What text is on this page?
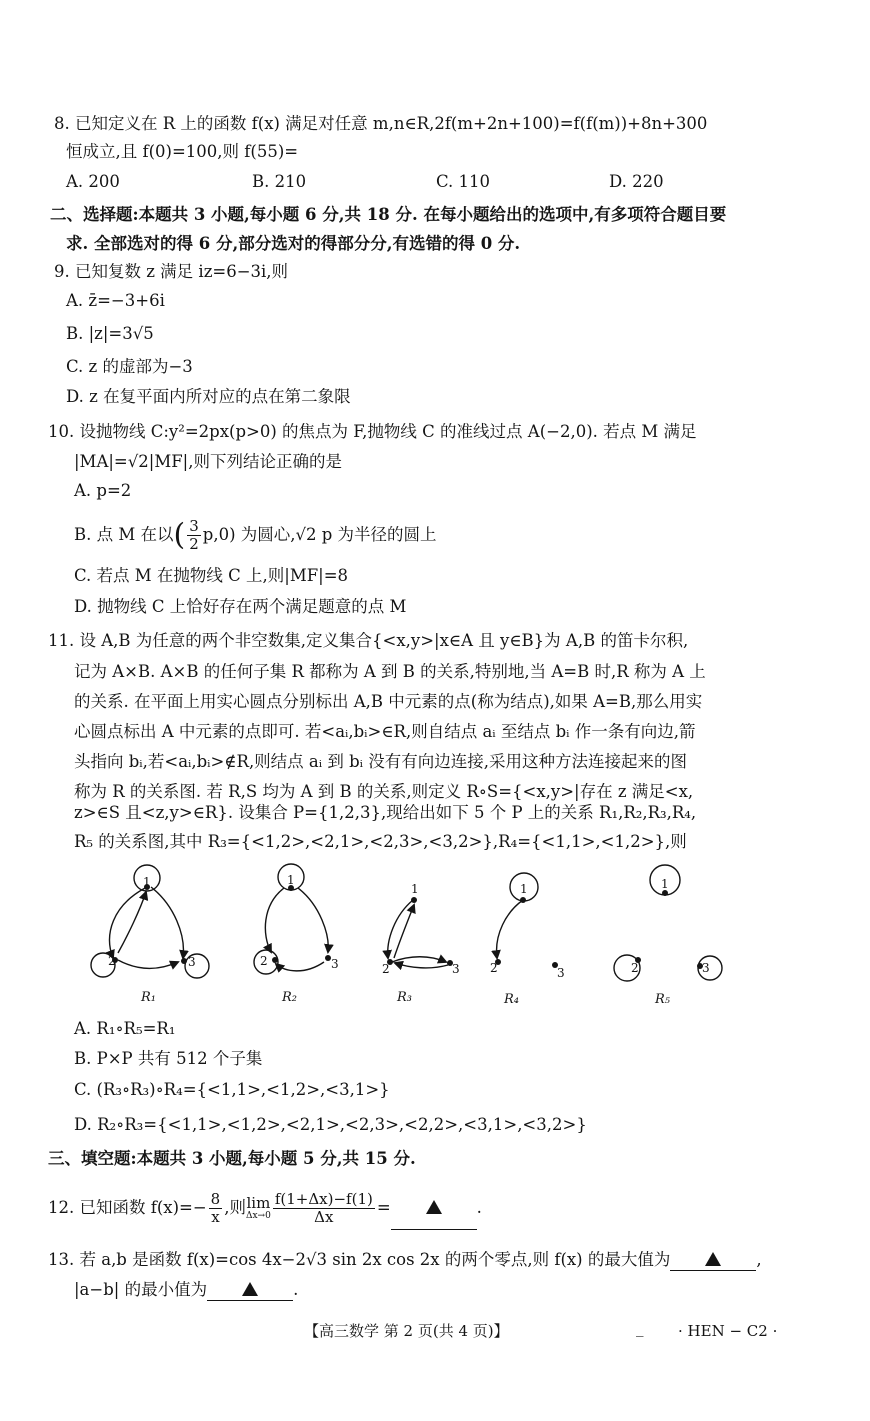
8. 已知定义在 R 上的函数 f(x) 满足对任意 m,n∈R,2f(m+2n+100)=f(f(m))+8n+300
恒成立,且 f(0)=100,则 f(55)=
A. 200	B. 210	C. 110	D. 220
二、选择题:本题共 3 小题,每小题 6 分,共 18 分. 在每小题给出的选项中,有多项符合题目要
求. 全部选对的得 6 分,部分选对的得部分分,有选错的得 0 分.
9. 已知复数 z 满足 iz=6−3i,则
A. z̄=−3+6i
B. |z|=3√5
C. z 的虚部为−3
D. z 在复平面内所对应的点在第二象限
10. 设抛物线 C:y²=2px(p>0) 的焦点为 F,抛物线 C 的准线过点 A(−2,0). 若点 M 满足
|MA|=√2|MF|,则下列结论正确的是
A. p=2
B. 点 M 在以( $\frac{3}{2} p,0$) 为圆心,√2 p 为半径的圆上
C. 若点 M 在抛物线 C 上,则|MF|=8
D. 抛物线 C 上恰好存在两个满足题意的点 M
11. 设 A,B 为任意的两个非空数集,定义集合{<x,y>|x∈A 且 y∈B}为 A,B 的笛卡尔积,
记为 A×B. A×B 的任何子集 R 都称为 A 到 B 的关系,特别地,当 A=B 时,R 称为 A 上
的关系. 在平面上用实心圆点分别标出 A,B 中元素的点(称为结点),如果 A=B,那么用实
心圆点标出 A 中元素的点即可. 若<aᵢ,bᵢ>∈R,则自结点 aᵢ 至结点 bᵢ 作一条有向边,箭
头指向 bᵢ,若<aᵢ,bᵢ>∉R,则结点 aᵢ 到 bᵢ 没有有向边连接,采用这种方法连接起来的图
称为 R 的关系图. 若 R,S 均为 A 到 B 的关系,则定义 R∘S={<x,y>|存在 z 满足<x,
z>∈S 且<z,y>∈R}. 设集合 P={1,2,3},现给出如下 5 个 P 上的关系 R₁,R₂,R₃,R₄,
R₅ 的关系图,其中 R₃={<1,2>,<2,1>,<2,3>,<3,2>},R₄={<1,1>,<1,2>},则
1
2	3
1
2	3
1
2	3
1
2	3
1
2	3
R₁	R₂	R₃	R₄	R₅
A. R₁∘R₅=R₁
B. P×P 共有 512 个子集
C. (R₃∘R₃)∘R₄={<1,1>,<1,2>,<3,1>}
D. R₂∘R₃={<1,1>,<1,2>,<2,1>,<2,3>,<2,2>,<3,1>,<3,2>}
三、填空题:本题共 3 小题,每小题 5 分,共 15 分.
12. 已知函数 $f(x)=- \frac{8}{x}$ ,则lim
$\Delta x\to 0 \frac{f(1+\Delta x)-f(1)}{\Delta x}$ =	.
13. 若 a,b 是函数 f(x)=cos 4x−2√3 sin 2x cos 2x 的两个零点,则 f(x) 的最大值为	,
|a−b| 的最小值为	.
【高三数学 第 2 页(共 4 页)】	_ · HEN − C2 ·
